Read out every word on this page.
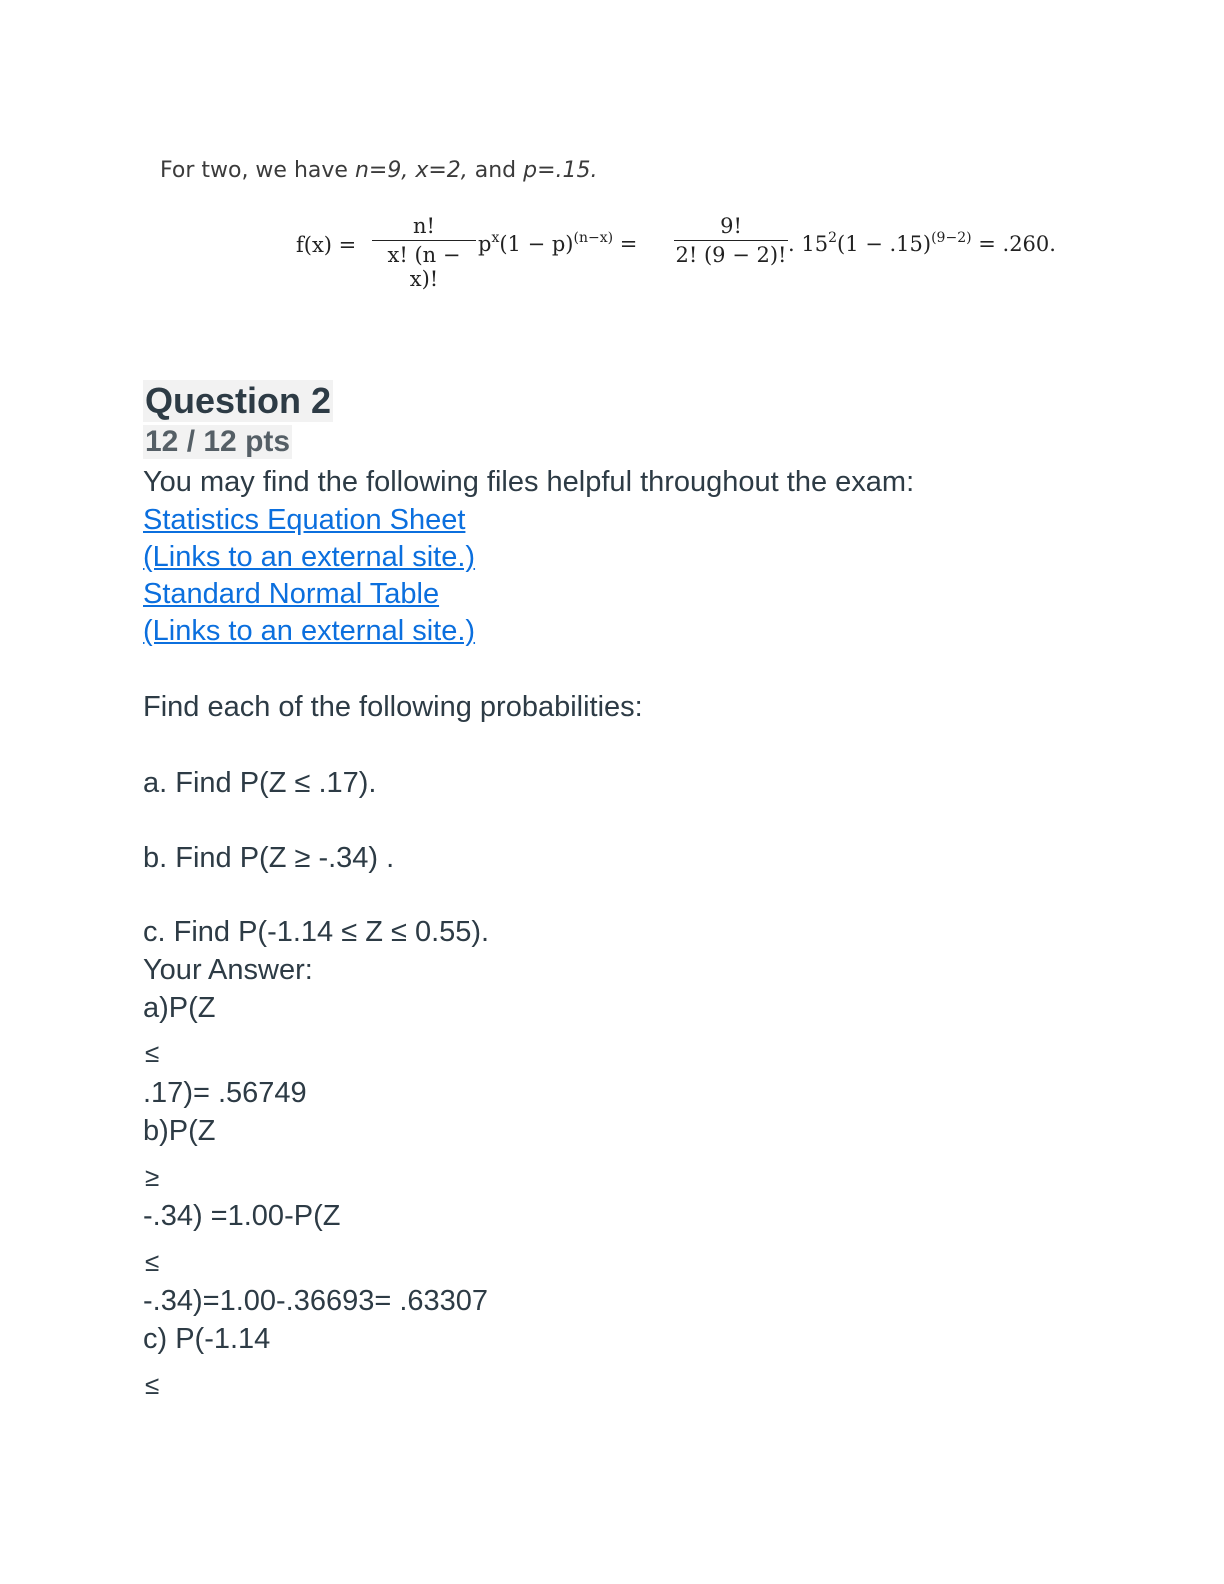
For two, we have n=9, x=2, and p=.15.
$f(x) = \frac{n!}{x! (n - x)!} p^x(1 - p)^{(n-x)} = \frac{9!}{2! (9 - 2)!}$ . $15^2(1 - .15)^{(9-2)} = .260$.
Question 2
12 / 12 pts
You may find the following files helpful throughout the exam:
Statistics Equation Sheet
(Links to an external site.)
Standard Normal Table
(Links to an external site.)
Find each of the following probabilities:
a. Find P(Z ≤ .17).
b. Find P(Z ≥ -.34) .
c. Find P(-1.14 ≤ Z ≤ 0.55).
Your Answer:
a)P(Z
≤
.17)= .56749
b)P(Z
≥
-.34) =1.00-P(Z
≤
-.34)=1.00-.36693= .63307
c) P(-1.14
≤
